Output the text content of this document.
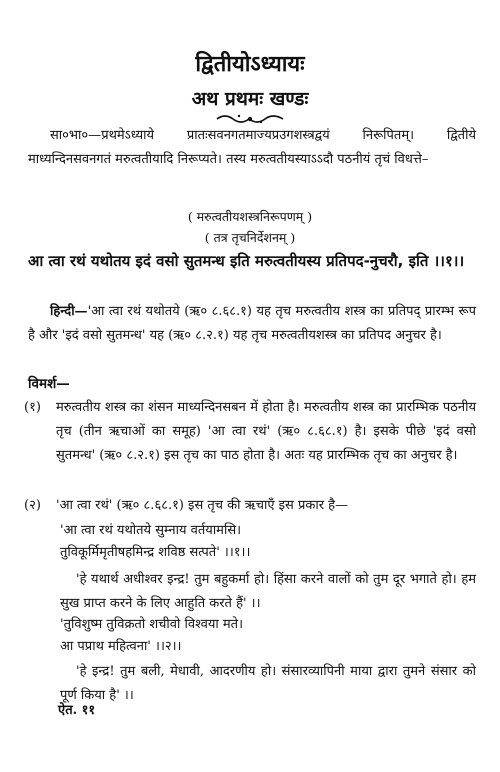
द्वितीयोऽध्यायः
अथ प्रथमः खण्डः
सा०भा०—प्रथमेऽध्याये प्रातःसवनगतमाज्यप्रउगशस्त्रद्वयं निरूपितम्। द्वितीये माध्यन्दिनसवनगतं मरुत्वतीयादि निरूप्यते। तस्य मरुत्वतीयस्याऽऽदौ पठनीयं तृचं विधत्ते–
( मरुत्वतीयशस्त्रनिरूपणम् )
( तत्र तृचनिर्देशनम् )
आ त्वा रथं यथोतय इदं वसो सुतमन्ध इति मरुत्वतीयस्य प्रतिपद-नुचरौ, इति ।।१।।
हिन्दी—'आ त्वा रथं यथोतये (ऋ० ८.६८.१) यह तृच मरुत्वतीय शस्त्र का प्रतिपद् प्रारम्भ रूप है और 'इदं वसो सुतमन्ध' यह (ऋ० ८.२.१) यह तृच मरुत्वतीयशस्त्र का प्रतिपद अनुचर है।
विमर्श—
(१) मरुत्वतीय शस्त्र का शंसन माध्यन्दिनसबन में होता है। मरुत्वतीय शस्त्र का प्रारम्भिक पठनीय तृच (तीन ऋचाओं का समूह) 'आ त्वा रथं' (ऋ० ८.६८.१) है। इसके पीछे 'इदं वसो सुतमन्ध' (ऋ० ८.२.१) इस तृच का पाठ होता है। अतः यह प्रारम्भिक तृच का अनुचर है।
(२) 'आ त्वा रथं' (ऋ० ८.६८.१) इस तृच की ऋचाएँ इस प्रकार है—
'आ त्वा रथं यथोतये सुम्नाय वर्तयामसि।
तुविकूर्मिमृतीषहमिन्द्र शविष्ठ सत्पते' ।।१।।
'हे यथार्थ अधीश्वर इन्द्र! तुम बहुकर्मा हो। हिंसा करने वालों को तुम दूर भगाते हो। हम सुख प्राप्त करने के लिए आहुति करते हैं' ।।
'तुविशुष्म तुविक्रतो शचीवो विश्वया मते।
आ पप्राथ महित्वना' ।।२।।
'हे इन्द्र! तुम बली, मेधावी, आदरणीय हो। संसारव्यापिनी माया द्वारा तुमने संसार को पूर्ण किया है' ।।
ऐत. ११
